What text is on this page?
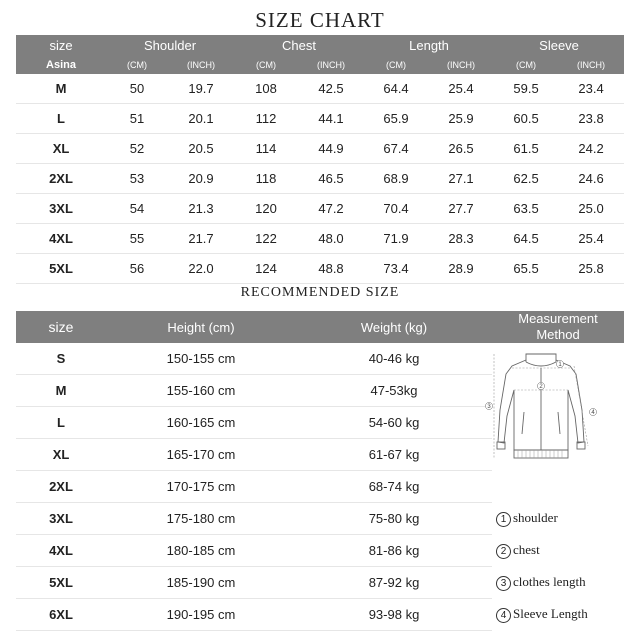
SIZE CHART
size	Shoulder		Chest		Length		Sleeve	
Asina	(CM)	(INCH)	(CM)	(INCH)	(CM)	(INCH)	(CM)	(INCH)
M	50	19.7	108	42.5	64.4	25.4	59.5	23.4
L	51	20.1	112	44.1	65.9	25.9	60.5	23.8
XL	52	20.5	114	44.9	67.4	26.5	61.5	24.2
2XL	53	20.9	118	46.5	68.9	27.1	62.5	24.6
3XL	54	21.3	120	47.2	70.4	27.7	63.5	25.0
4XL	55	21.7	122	48.0	71.9	28.3	64.5	25.4
5XL	56	22.0	124	48.8	73.4	28.9	65.5	25.8
RECOMMENDED SIZE
size	Height (cm)	Weight (kg)	Measurement
Method

S	150-155 cm	40-46 kg	
M	155-160 cm	47-53kg	
L	160-165 cm	54-60 kg	
XL	165-170 cm	61-67 kg	
2XL	170-175 cm	68-74 kg	
3XL	175-180 cm	75-80 kg	1 shoulder
4XL	180-185 cm	81-86 kg	2 chest
5XL	185-190 cm	87-92 kg	3 clothes length
6XL	190-195 cm	93-98 kg	4 Sleeve Length
1
2
3
4
